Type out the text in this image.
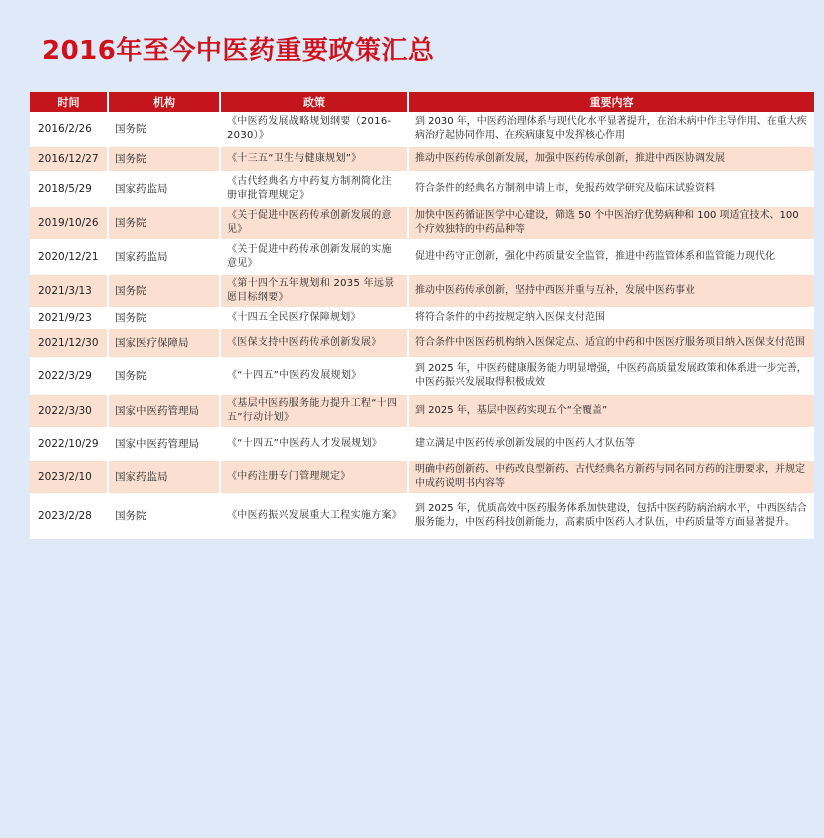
2016年至今中医药重要政策汇总
时间	机构	政策	重要内容
2016/2/26	国务院	《中医药发展战略规划纲要（2016-2030）》	到 2030 年，中医药治理体系与现代化水平显著提升，在治未病中作主导作用、在重大疾病治疗起协同作用、在疾病康复中发挥核心作用
2016/12/27	国务院	《十三五“卫生与健康规划”》	推动中医药传承创新发展，加强中医药传承创新，推进中西医协调发展
2018/5/29	国家药监局	《古代经典名方中药复方制剂简化注册审批管理规定》	符合条件的经典名方制剂申请上市，免报药效学研究及临床试验资料
2019/10/26	国务院	《关于促进中医药传承创新发展的意见》	加快中医药循证医学中心建设，筛选 50 个中医治疗优势病种和 100 项适宜技术、100 个疗效独特的中药品种等
2020/12/21	国家药监局	《关于促进中药传承创新发展的实施意见》	促进中药守正创新，强化中药质量安全监管，推进中药监管体系和监管能力现代化
2021/3/13	国务院	《第十四个五年规划和 2035 年远景愿目标纲要》	推动中医药传承创新，坚持中西医并重与互补，发展中医药事业
2021/9/23	国务院	《十四五全民医疗保障规划》	将符合条件的中药按规定纳入医保支付范围
2021/12/30	国家医疗保障局	《医保支持中医药传承创新发展》	符合条件中医医药机构纳入医保定点、适宜的中药和中医医疗服务项目纳入医保支付范围
2022/3/29	国务院	《“十四五”中医药发展规划》	到 2025 年，中医药健康服务能力明显增强，中医药高质量发展政策和体系进一步完善，中医药振兴发展取得积极成效
2022/3/30	国家中医药管理局	《基层中医药服务能力提升工程“十四五”行动计划》	到 2025 年，基层中医药实现五个“全覆盖”
2022/10/29	国家中医药管理局	《“十四五”中医药人才发展规划》	建立满足中医药传承创新发展的中医药人才队伍等
2023/2/10	国家药监局	《中药注册专门管理规定》	明确中药创新药、中药改良型新药、古代经典名方新药与同名同方药的注册要求，并规定中成药说明书内容等
2023/2/28	国务院	《中医药振兴发展重大工程实施方案》	到 2025 年，优质高效中医药服务体系加快建设，包括中医药防病治病水平，中西医结合服务能力，中医药科技创新能力，高素质中医药人才队伍，中药质量等方面显著提升。
